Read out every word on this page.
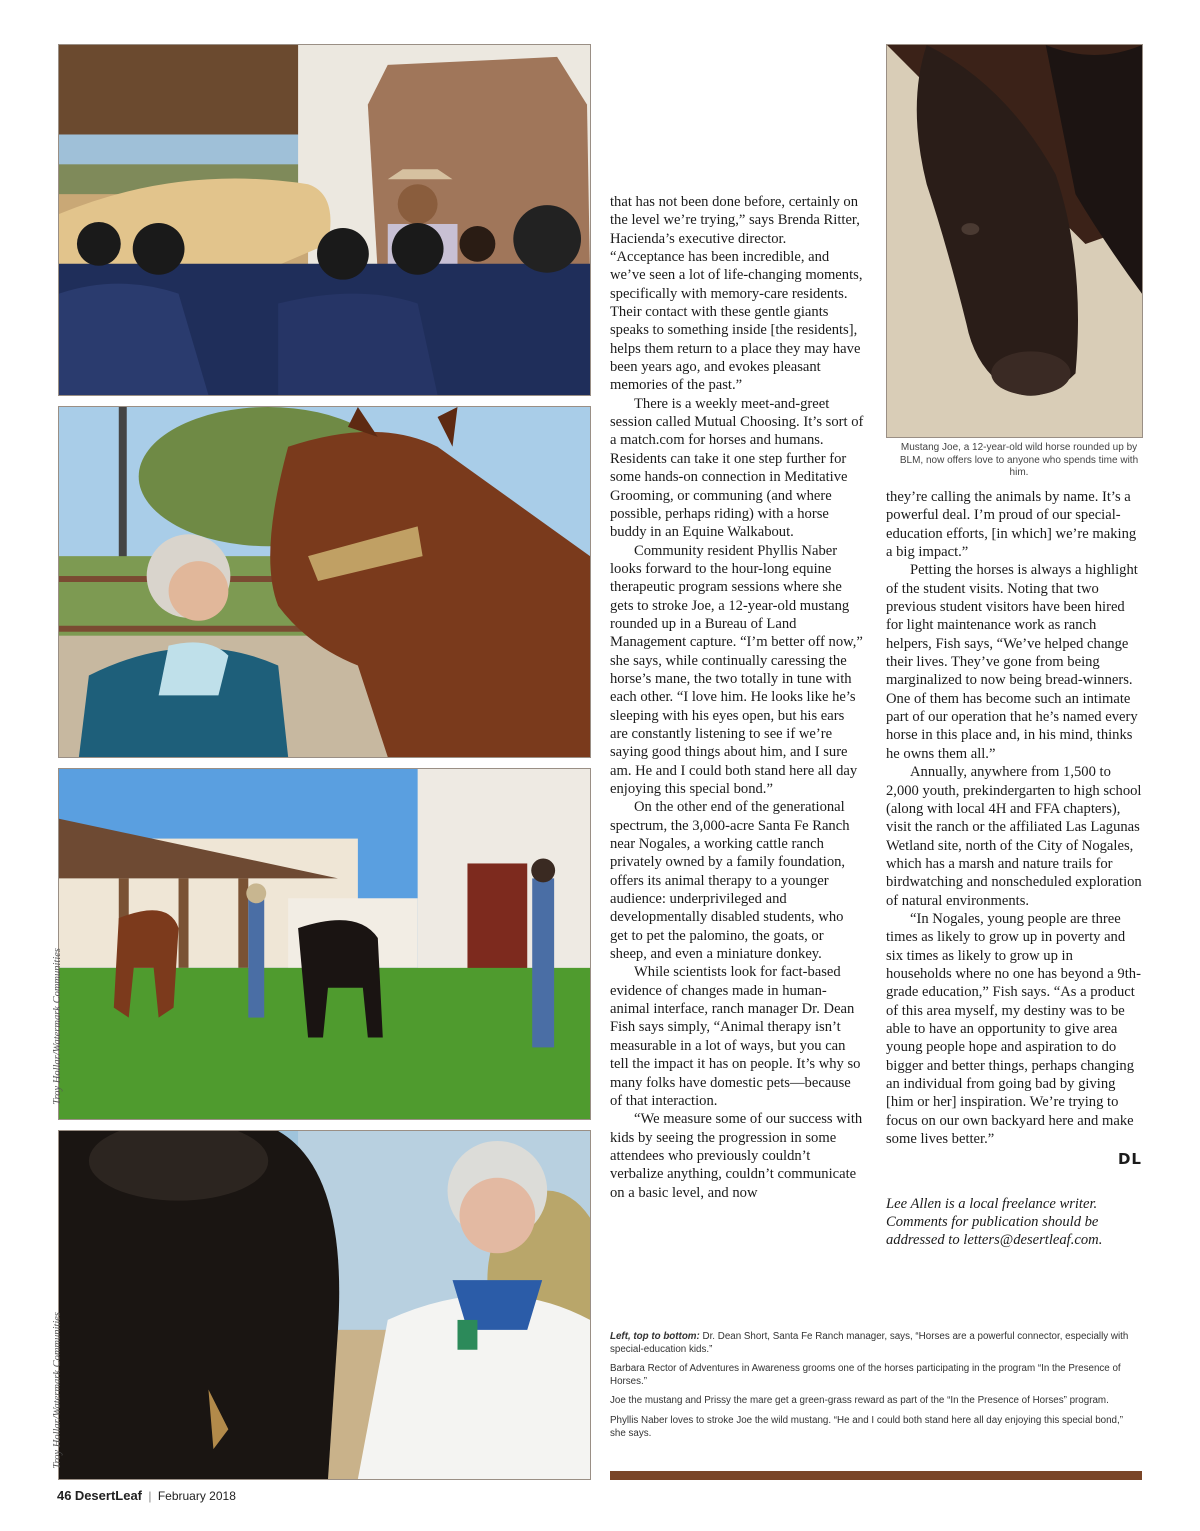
Troy Hollar/Watermark Communities
Troy Hollar/Watermark Communities

that has not been done before, certainly on the level we’re trying,” says Brenda Ritter, Hacienda’s executive director. “Acceptance has been incredible, and we’ve seen a lot of life-changing moments, specifically with memory-care residents. Their contact with these gentle giants speaks to something inside [the residents], helps them return to a place they may have been years ago, and evokes pleasant memories of the past.”

There is a weekly meet-and-greet session called Mutual Choosing. It’s sort of a match.com for horses and humans. Residents can take it one step further for some hands-on connection in Meditative Grooming, or communing (and where possible, perhaps riding) with a horse buddy in an Equine Walkabout.

Community resident Phyllis Naber looks forward to the hour-long equine therapeutic program sessions where she gets to stroke Joe, a 12-year-old mustang rounded up in a Bureau of Land Management capture. “I’m better off now,” she says, while continually caressing the horse’s mane, the two totally in tune with each other. “I love him. He looks like he’s sleeping with his eyes open, but his ears are constantly listening to see if we’re saying good things about him, and I sure am. He and I could both stand here all day enjoying this special bond.”

On the other end of the generational spectrum, the 3,000-acre Santa Fe Ranch near Nogales, a working cattle ranch privately owned by a family foundation, offers its animal therapy to a younger audience: underprivileged and developmentally disabled students, who get to pet the palomino, the goats, or sheep, and even a miniature donkey.

While scientists look for fact-based evidence of changes made in human-animal interface, ranch manager Dr. Dean Fish says simply, “Animal therapy isn’t measurable in a lot of ways, but you can tell the impact it has on people. It’s why so many folks have domestic pets—because of that interaction.

“We measure some of our success with kids by seeing the progression in some attendees who previously couldn’t verbalize anything, couldn’t communicate on a basic level, and now

Mustang Joe, a 12-year-old wild horse rounded up by BLM, now offers love to anyone who spends time with him.

they’re calling the animals by name. It’s a powerful deal. I’m proud of our special-education efforts, [in which] we’re making a big impact.”

Petting the horses is always a highlight of the student visits. Noting that two previous student visitors have been hired for light maintenance work as ranch helpers, Fish says, “We’ve helped change their lives. They’ve gone from being marginalized to now being bread-winners. One of them has become such an intimate part of our operation that he’s named every horse in this place and, in his mind, thinks he owns them all.”

Annually, anywhere from 1,500 to 2,000 youth, prekindergarten to high school (along with local 4H and FFA chapters), visit the ranch or the affiliated Las Lagunas Wetland site, north of the City of Nogales, which has a marsh and nature trails for birdwatching and nonscheduled exploration of natural environments.

“In Nogales, young people are three times as likely to grow up in poverty and six times as likely to grow up in households where no one has beyond a 9th-grade education,” Fish says. “As a product of this area myself, my destiny was to be able to have an opportunity to give area young people hope and aspiration to do bigger and better things, perhaps changing an individual from going bad by giving [him or her] inspiration. We’re trying to focus on our own backyard here and make some lives better.”

DL

Lee Allen is a local freelance writer. Comments for publication should be addressed to letters@desertleaf.com.

Left, top to bottom: Dr. Dean Short, Santa Fe Ranch manager, says, “Horses are a powerful connector, especially with special-education kids.”

Barbara Rector of Adventures in Awareness grooms one of the horses participating in the program “In the Presence of Horses.”

Joe the mustang and Prissy the mare get a green-grass reward as part of the “In the Presence of Horses” program.

Phyllis Naber loves to stroke Joe the wild mustang. “He and I could both stand here all day enjoying this special bond,” she says.

46 DesertLeaf | February 2018
